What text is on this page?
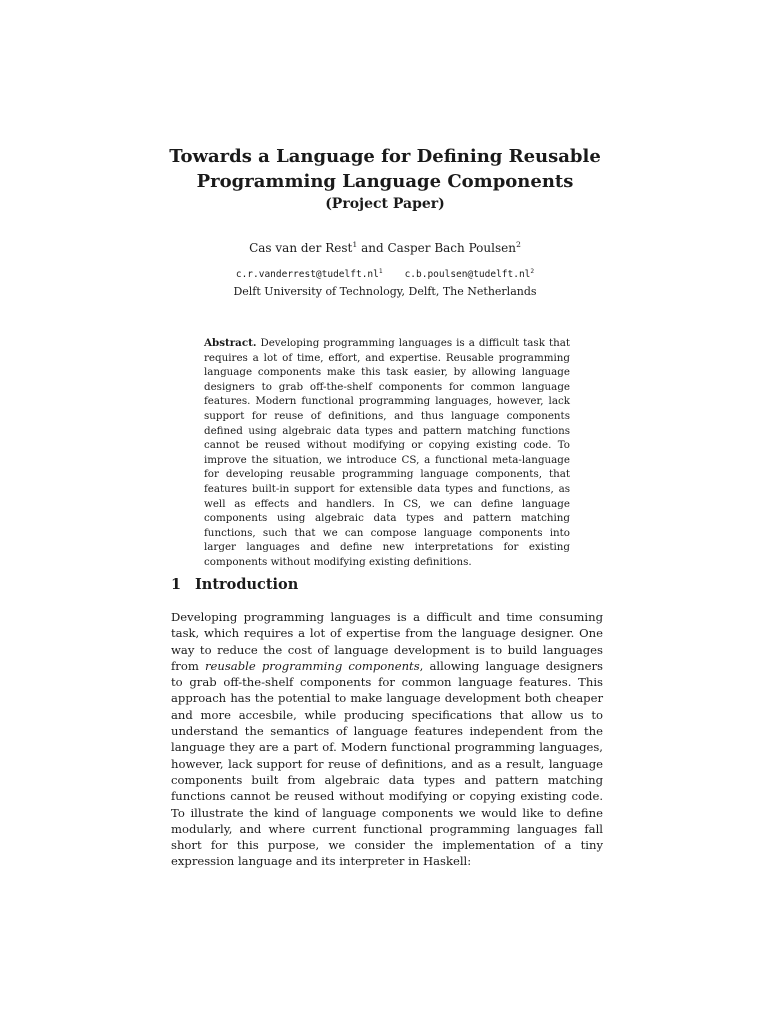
Towards a Language for Defining Reusable
Programming Language Components
(Project Paper)
Cas van der Rest$^1$ and Casper Bach Poulsen$^2$
$c.r.vanderrest@tudelft.nl^1$ $c.b.poulsen@tudelft.nl^2$
Delft University of Technology, Delft, The Netherlands
Abstract. Developing programming languages is a difficult task that requires a lot of time, effort, and expertise. Reusable programming language components make this task easier, by allowing language designers to grab off-the-shelf components for common language features. Modern functional programming languages, however, lack support for reuse of definitions, and thus language components defined using algebraic data types and pattern matching functions cannot be reused without modifying or copying existing code. To improve the situation, we introduce CS, a functional meta-language for developing reusable programming language components, that features built-in support for extensible data types and functions, as well as effects and handlers. In CS, we can define language components using algebraic data types and pattern matching functions, such that we can compose language components into larger languages and define new interpretations for existing components without modifying existing definitions.
1 Introduction
Developing programming languages is a difficult and time consuming task, which requires a lot of expertise from the language designer. One way to reduce the cost of language development is to build languages from reusable programming components, allowing language designers to grab off-the-shelf components for common language features. This approach has the potential to make language development both cheaper and more accesbile, while producing specifications that allow us to understand the semantics of language features independent from the language they are a part of. Modern functional programming languages, however, lack support for reuse of definitions, and as a result, language components built from algebraic data types and pattern matching functions cannot be reused without modifying or copying existing code. To illustrate the kind of language components we would like to define modularly, and where current functional programming languages fall short for this purpose, we consider the implementation of a tiny expression language and its interpreter in Haskell:
